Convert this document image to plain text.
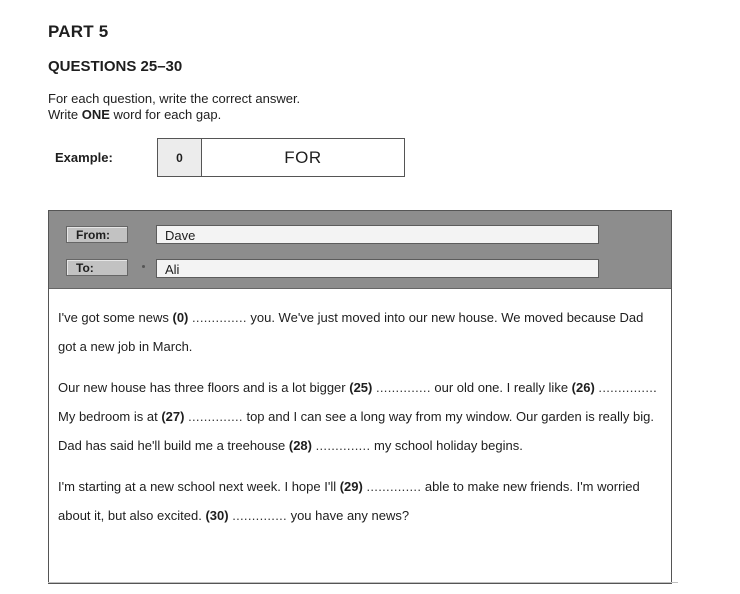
PART 5
QUESTIONS 25–30
For each question, write the correct answer.
Write ONE word for each gap.
Example:	0	FOR
From:	Dave
To:	Ali

I've got some news (0) .............. you. We've just moved into our new house. We moved because Dad got a new job in March.

Our new house has three floors and is a lot bigger (25) .............. our old one. I really like (26) ............... My bedroom is at (27) .............. top and I can see a long way from my window. Our garden is really big. Dad has said he'll build me a treehouse (28) .............. my school holiday begins.

I'm starting at a new school next week. I hope I'll (29) .............. able to make new friends. I'm worried about it, but also excited. (30) .............. you have any news?
